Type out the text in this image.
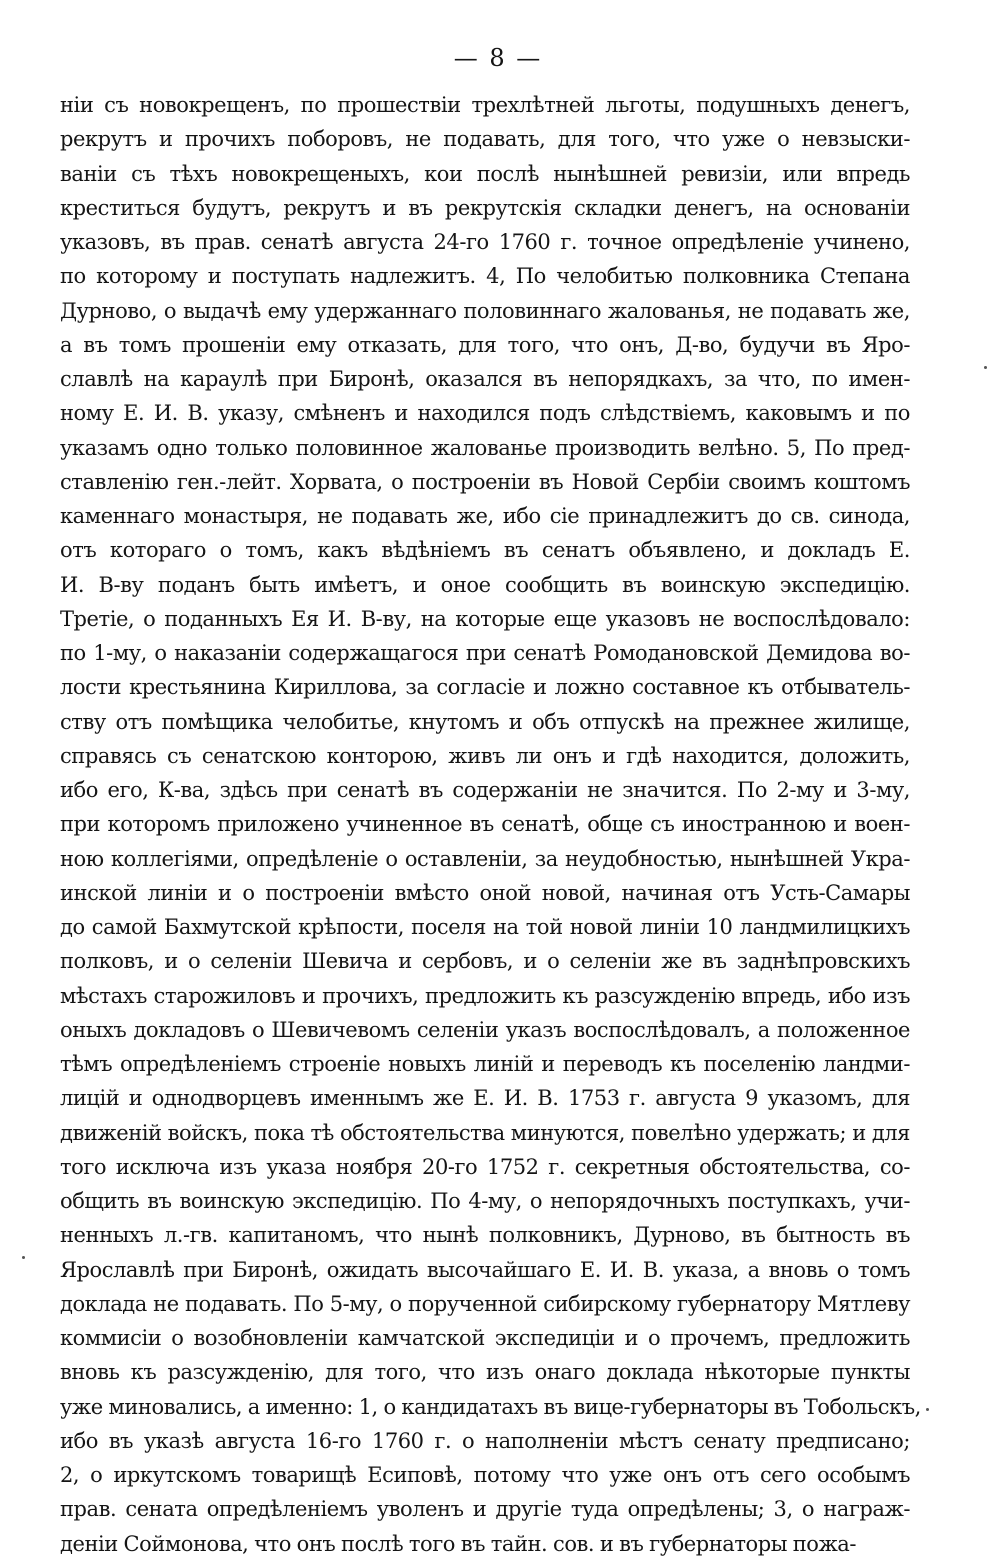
— 8 —
нiи съ новокрещенъ, по прошествiи трехлѣтней льготы, подушныхъ денегъ,
рекрутъ и прочихъ поборовъ, не подавать, для того, что уже о невзыски-
ванiи съ тѣхъ новокрещеныхъ, кои послѣ нынѣшней ревизiи, или впредь
креститься будутъ, рекрутъ и въ рекрутскiя складки денегъ, на основанiи
указовъ, въ прав. сенатѣ августа 24-го 1760 г. точное опредѣленiе учинено,
по которому и поступать надлежитъ. 4, По челобитью полковника Степана
Дурново, о выдачѣ ему удержаннаго половиннаго жалованья, не подавать же,
а въ томъ прошенiи ему отказать, для того, что онъ, Д-во, будучи въ Яро-
славлѣ на караулѣ при Биронѣ, оказался въ непорядкахъ, за что, по имен-
ному Е. И. В. указу, смѣненъ и находился подъ слѣдствiемъ, каковымъ и по
указамъ одно только половинное жалованье производить велѣно. 5, По пред-
ставленiю ген.-лейт. Хорвата, о построенiи въ Новой Сербiи своимъ коштомъ
каменнаго монастыря, не подавать же, ибо сiе принадлежитъ до св. синода,
отъ котораго о томъ, какъ вѣдѣнiемъ въ сенатъ объявлено, и докладъ Е.
И. В-ву поданъ быть имѣетъ, и оное сообщить въ воинскую экспедицiю.
Третiе, о поданныхъ Ея И. В-ву, на которые еще указовъ не воспослѣдовало:
по 1-му, о наказанiи содержащагося при сенатѣ Ромодановской Демидова во-
лости крестьянина Кириллова, за согласiе и ложно составное къ отбыватель-
ству отъ помѣщика челобитье, кнутомъ и объ отпускѣ на прежнее жилище,
справясь съ сенатскою конторою, живъ ли онъ и гдѣ находится, доложить,
ибо его, К-ва, здѣсь при сенатѣ въ содержанiи не значится. По 2-му и 3-му,
при которомъ приложено учиненное въ сенатѣ, обще съ иностранною и воен-
ною коллегiями, опредѣленiе о оставленiи, за неудобностью, нынѣшней Укра-
инской линiи и о построенiи вмѣсто оной новой, начиная отъ Усть-Самары
до самой Бахмутской крѣпости, поселя на той новой линiи 10 ландмилицкихъ
полковъ, и о селенiи Шевича и сербовъ, и о селенiи же въ заднѣпровскихъ
мѣстахъ старожиловъ и прочихъ, предложить къ разсужденiю впредь, ибо изъ
оныхъ докладовъ о Шевичевомъ селенiи указъ воспослѣдовалъ, а положенное
тѣмъ опредѣленiемъ строенiе новыхъ линiй и переводъ къ поселенiю ландми-
лицiй и однодворцевъ именнымъ же Е. И. В. 1753 г. августа 9 указомъ, для
движенiй войскъ, пока тѣ обстоятельства минуются, повелѣно удержать; и для
того исключа изъ указа ноября 20-го 1752 г. секретныя обстоятельства, со-
общить въ воинскую экспедицiю. По 4-му, о непорядочныхъ поступкахъ, учи-
ненныхъ л.-гв. капитаномъ, что нынѣ полковникъ, Дурново, въ бытность въ
Ярославлѣ при Биронѣ, ожидать высочайшаго Е. И. В. указа, а вновь о томъ
доклада не подавать. По 5-му, о порученной сибирскому губернатору Мятлеву
коммисiи о возобновленiи камчатской экспедицiи и о прочемъ, предложить
вновь къ разсужденiю, для того, что изъ онаго доклада нѣкоторые пункты
уже миновались, а именно: 1, о кандидатахъ въ вице-губернаторы въ Тобольскъ,
ибо въ указѣ августа 16-го 1760 г. о наполненiи мѣстъ сенату предписано;
2, о иркутскомъ товарищѣ Есиповѣ, потому что уже онъ отъ сего особымъ
прав. сената опредѣленiемъ уволенъ и другiе туда опредѣлены; 3, о награж-
денiи Соймонова, что онъ послѣ того въ тайн. сов. и въ губернаторы пожа-
